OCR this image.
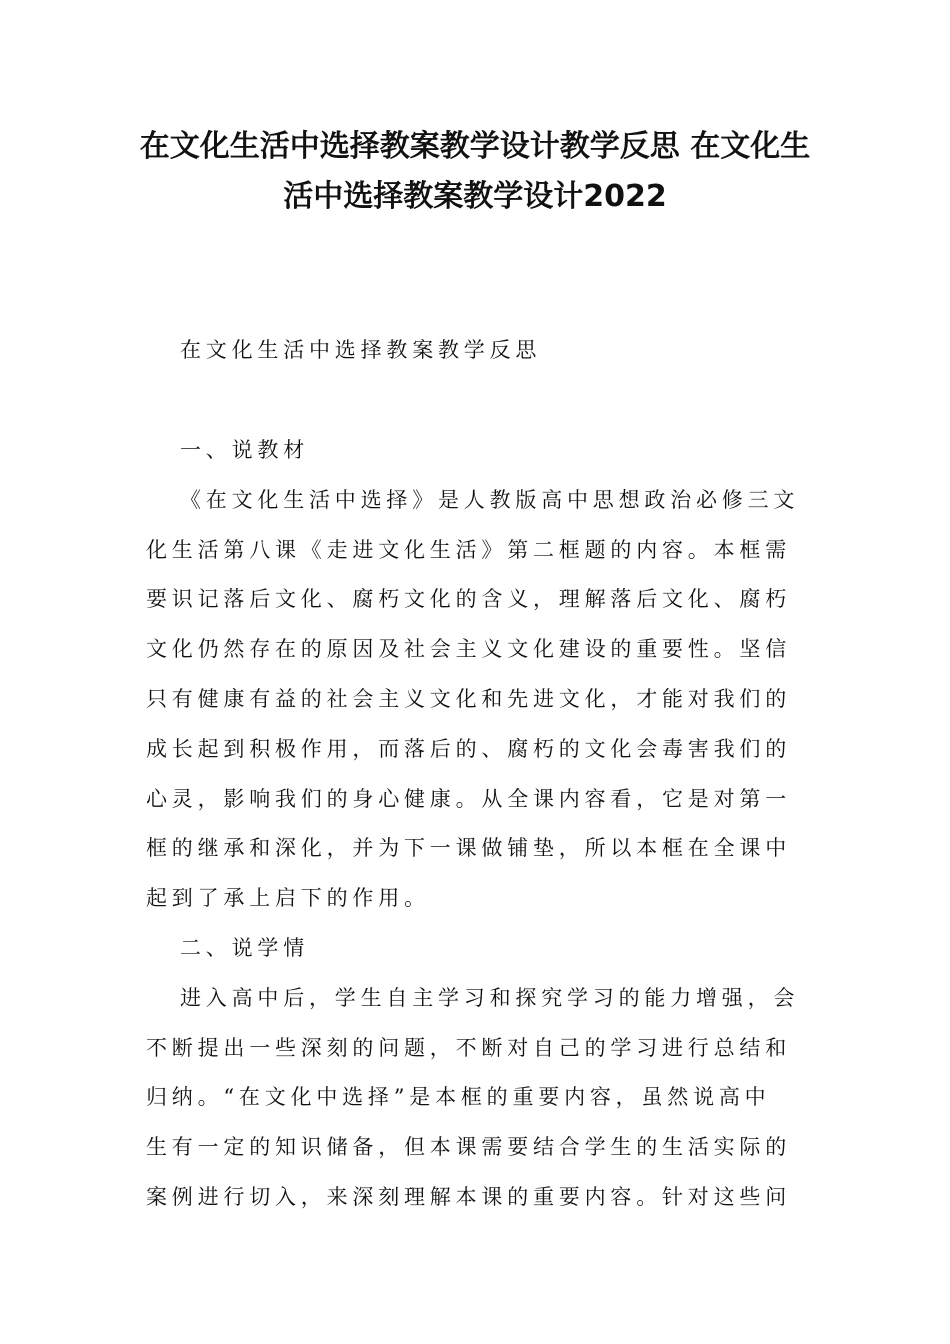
在文化生活中选择教案教学设计教学反思 在文化生
活中选择教案教学设计2022
在文化生活中选择教案教学反思
一、说教材
《在文化生活中选择》是人教版高中思想政治必修三文
化生活第八课《走进文化生活》第二框题的内容。本框需
要识记落后文化、腐朽文化的含义，理解落后文化、腐朽
文化仍然存在的原因及社会主义文化建设的重要性。坚信
只有健康有益的社会主义文化和先进文化，才能对我们的
成长起到积极作用，而落后的、腐朽的文化会毒害我们的
心灵，影响我们的身心健康。从全课内容看，它是对第一
框的继承和深化，并为下一课做铺垫，所以本框在全课中
起到了承上启下的作用。
二、说学情
进入高中后，学生自主学习和探究学习的能力增强，会
不断提出一些深刻的问题，不断对自己的学习进行总结和
归纳。“在文化中选择”是本框的重要内容，虽然说高中
生有一定的知识储备，但本课需要结合学生的生活实际的
案例进行切入，来深刻理解本课的重要内容。针对这些问
